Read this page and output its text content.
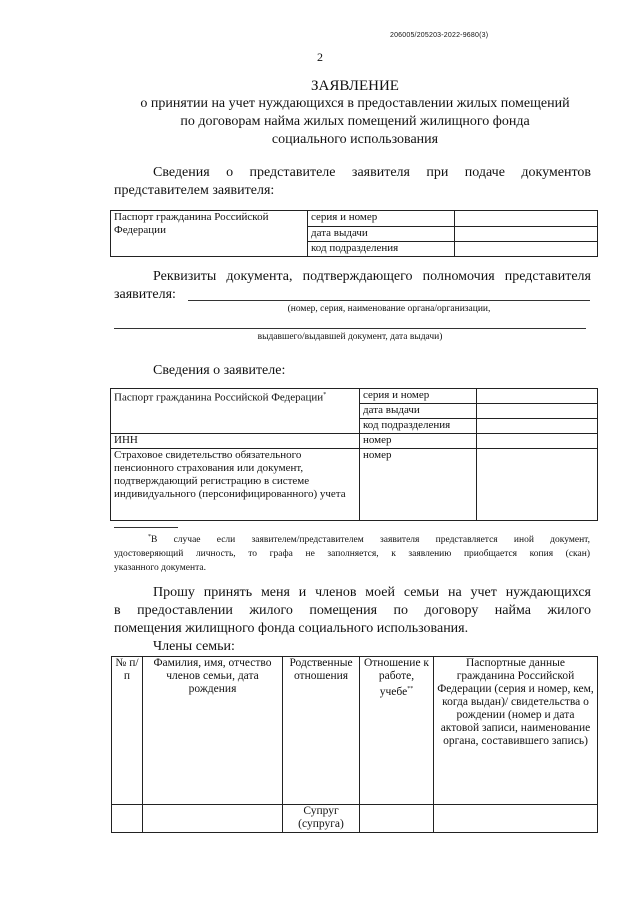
206005/205203-2022-9680(3)
2
ЗАЯВЛЕНИЕ
о принятии на учет нуждающихся в предоставлении жилых помещений
по договорам найма жилых помещений жилищного фонда
социального использования
Сведения о представителе заявителя при подаче документов
представителем заявителя:
Паспорт гражданина Российской Федерации	серия и номер	
	дата выдачи	
	код подразделения	
Реквизиты документа, подтверждающего полномочия представителя
заявителя:
(номер, серия, наименование органа/организации,
выдавшего/выдавшей документ, дата выдачи)
Сведения о заявителе:
Паспорт гражданина Российской Федерации*	серия и номер	
	дата выдачи	
	код подразделения	
ИНН	номер	
Страховое свидетельство обязательного пенсионного страхования или документ, подтверждающий регистрацию в системе индивидуального (персонифицированного) учета	номер	
*В случае если заявителем/представителем заявителя представляется иной документ,
удостоверяющий личность, то графа не заполняется, к заявлению приобщается копия (скан)
указанного документа.
Прошу принять меня и членов моей семьи на учет нуждающихся
в предоставлении жилого помещения по договору найма жилого
помещения жилищного фонда социального использования.
Члены семьи:
№ п/п	Фамилия, имя, отчество членов семьи, дата рождения	Родственные отношения	Отношение к работе, учебе**	Паспортные данные гражданина Российской Федерации (серия и номер, кем, когда выдан)/ свидетельства о рождении (номер и дата актовой записи, наименование органа, составившего запись)
		Супруг (супруга)		
